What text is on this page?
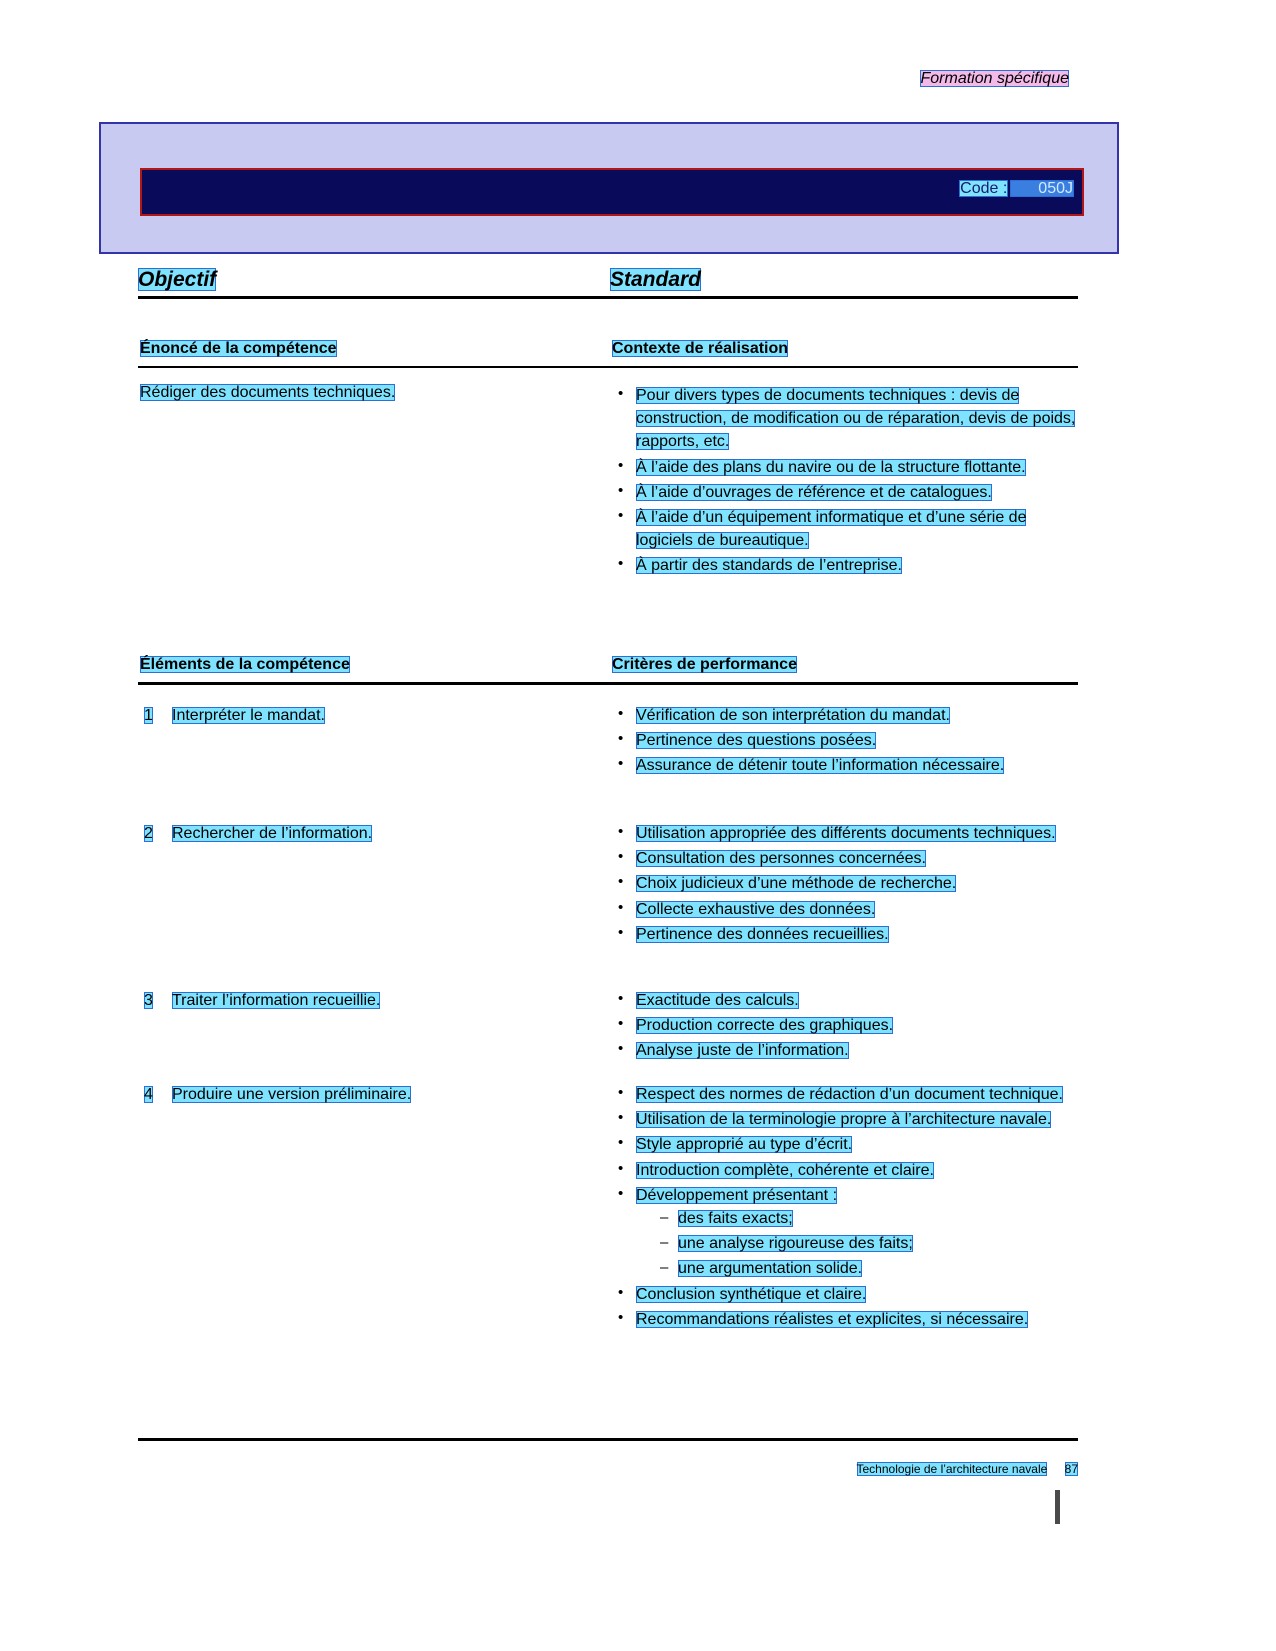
Formation spécifique
Code : 050J
Objectif	Standard
Énoncé de la compétence	Contexte de réalisation
Rédiger des documents techniques.	• Pour divers types de documents techniques : devis de construction, de modification ou de réparation, devis de poids, rapports, etc.
• À l’aide des plans du navire ou de la structure flottante.
• À l’aide d’ouvrages de référence et de catalogues.
• À l’aide d’un équipement informatique et d’une série de logiciels de bureautique.
• À partir des standards de l’entreprise.
Éléments de la compétence	Critères de performance
1 Interpréter le mandat.	• Vérification de son interprétation du mandat.
• Pertinence des questions posées.
• Assurance de détenir toute l’information nécessaire.
2 Rechercher de l’information.	• Utilisation appropriée des différents documents techniques.
• Consultation des personnes concernées.
• Choix judicieux d’une méthode de recherche.
• Collecte exhaustive des données.
• Pertinence des données recueillies.
3 Traiter l’information recueillie.	• Exactitude des calculs.
• Production correcte des graphiques.
• Analyse juste de l’information.
4 Produire une version préliminaire.	• Respect des normes de rédaction d’un document technique.
• Utilisation de la terminologie propre à l’architecture navale.
• Style approprié au type d’écrit.
• Introduction complète, cohérente et claire.
• Développement présentant :
– des faits exacts;
– une analyse rigoureuse des faits;
– une argumentation solide.
• Conclusion synthétique et claire.
• Recommandations réalistes et explicites, si nécessaire.
Technologie de l’architecture navale 87
